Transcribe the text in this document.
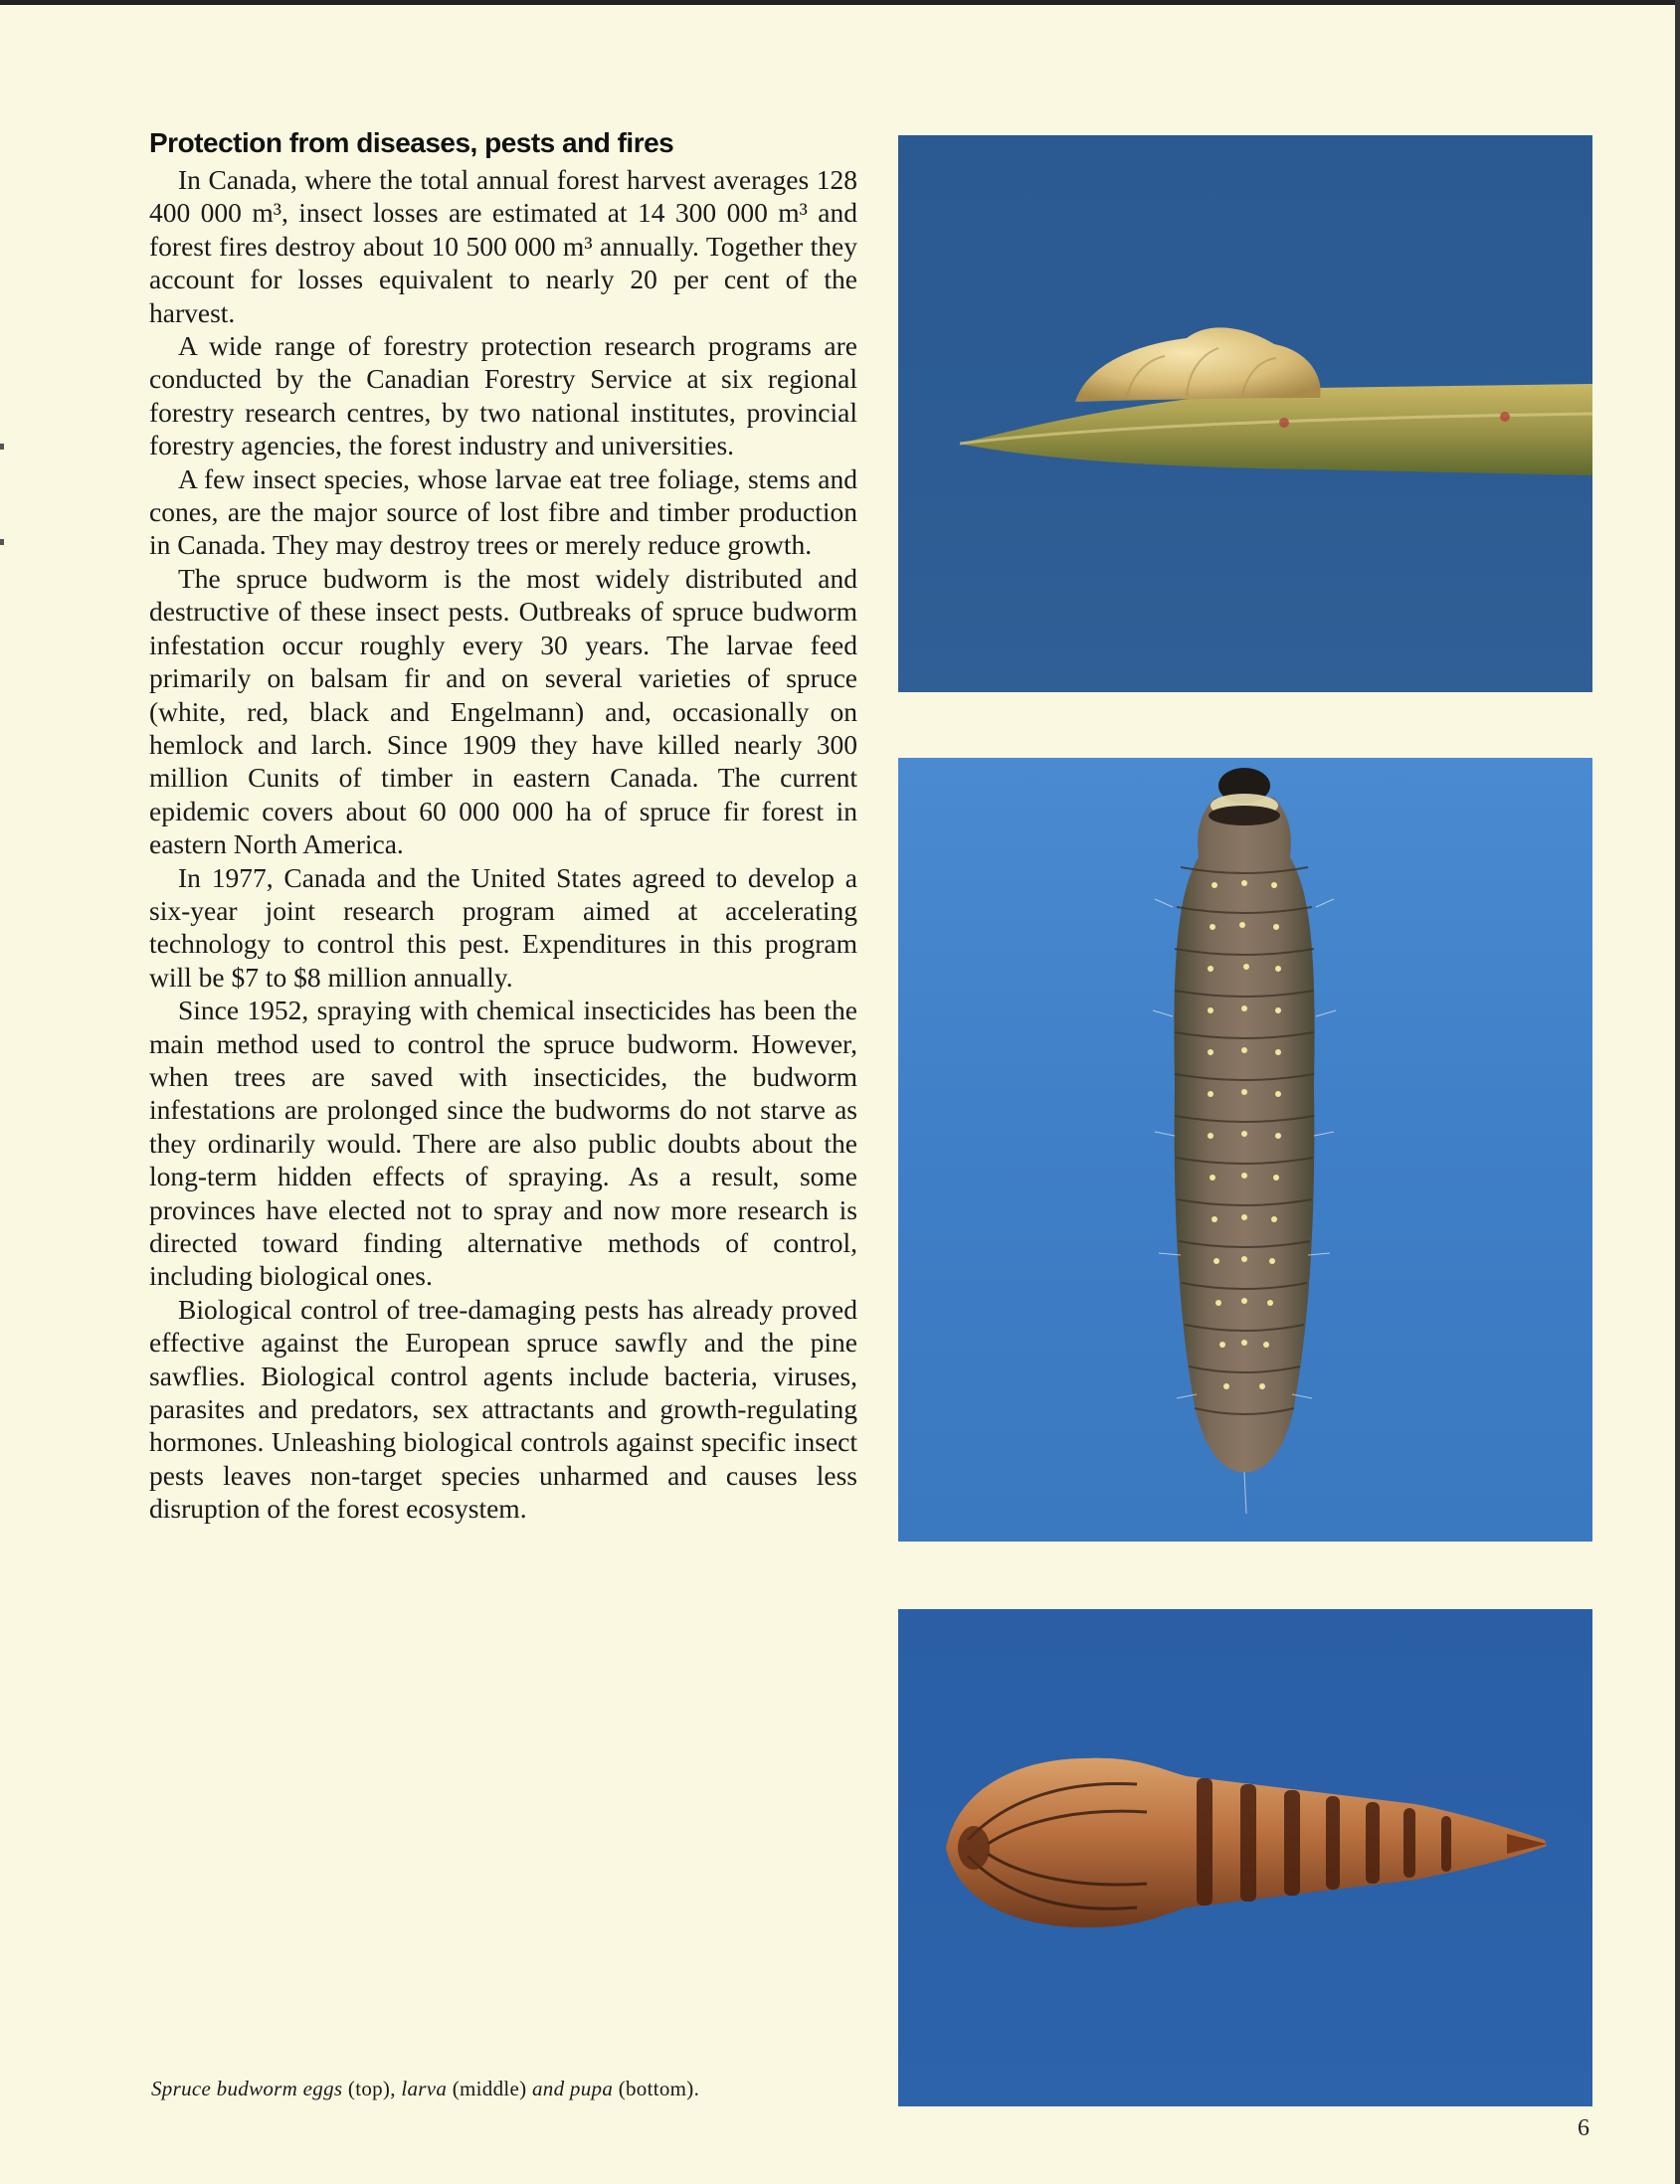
Protection from diseases, pests and fires

In Canada, where the total annual forest harvest averages 128 400 000 m³, insect losses are estimated at 14 300 000 m³ and forest fires destroy about 10 500 000 m³ annually. Together they account for losses equivalent to nearly 20 per cent of the harvest.

A wide range of forestry protection research programs are conducted by the Canadian Forestry Service at six regional forestry research centres, by two national institutes, provincial forestry agencies, the forest industry and universities.

A few insect species, whose larvae eat tree foliage, stems and cones, are the major source of lost fibre and timber production in Canada. They may destroy trees or merely reduce growth.

The spruce budworm is the most widely distributed and destructive of these insect pests. Outbreaks of spruce budworm infestation occur roughly every 30 years. The larvae feed primarily on balsam fir and on several varieties of spruce (white, red, black and Engelmann) and, occasionally on hemlock and larch. Since 1909 they have killed nearly 300 million Cunits of timber in eastern Canada. The current epidemic covers about 60 000 000 ha of spruce fir forest in eastern North America.

In 1977, Canada and the United States agreed to develop a six-year joint research program aimed at accelerating technology to control this pest. Expenditures in this program will be $7 to $8 million annually.

Since 1952, spraying with chemical insecticides has been the main method used to control the spruce budworm. However, when trees are saved with insecticides, the budworm infestations are prolonged since the budworms do not starve as they ordinarily would. There are also public doubts about the long-term hidden effects of spraying. As a result, some provinces have elected not to spray and now more research is directed toward finding alternative methods of control, including biological ones.

Biological control of tree-damaging pests has already proved effective against the European spruce sawfly and the pine sawflies. Biological control agents include bacteria, viruses, parasites and predators, sex attractants and growth-regulating hormones. Unleashing biological controls against specific insect pests leaves non-target species unharmed and causes less disruption of the forest ecosystem.

Spruce budworm eggs (top), larva (middle) and pupa (bottom).
6
